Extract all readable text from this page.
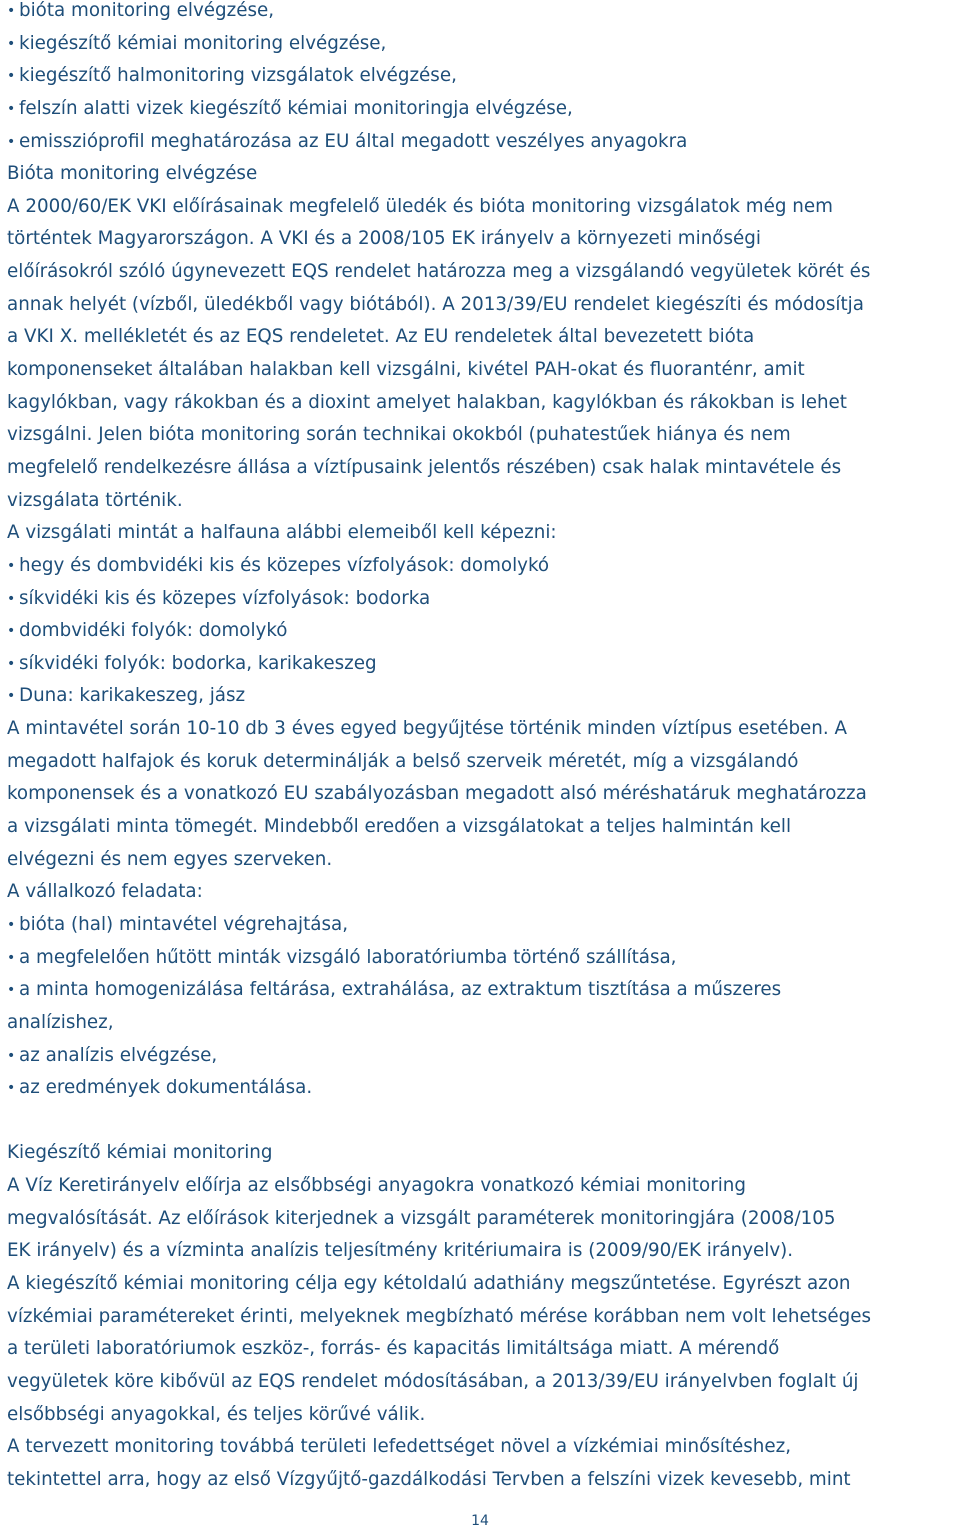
• bióta monitoring elvégzése,
• kiegészítő kémiai monitoring elvégzése,
• kiegészítő halmonitoring vizsgálatok elvégzése,
• felszín alatti vizek kiegészítő kémiai monitoringja elvégzése,
• emisszióprofil meghatározása az EU által megadott veszélyes anyagokra
Bióta monitoring elvégzése
A 2000/60/EK VKI előírásainak megfelelő üledék és bióta monitoring vizsgálatok még nem
történtek Magyarországon. A VKI és a 2008/105 EK irányelv a környezeti minőségi
előírásokról szóló úgynevezett EQS rendelet határozza meg a vizsgálandó vegyületek körét és
annak helyét (vízből, üledékből vagy biótából). A 2013/39/EU rendelet kiegészíti és módosítja
a VKI X. mellékletét és az EQS rendeletet. Az EU rendeletek által bevezetett bióta
komponenseket általában halakban kell vizsgálni, kivétel PAH-okat és fluoranténr, amit
kagylókban, vagy rákokban és a dioxint amelyet halakban, kagylókban és rákokban is lehet
vizsgálni. Jelen bióta monitoring során technikai okokból (puhatestűek hiánya és nem
megfelelő rendelkezésre állása a víztípusaink jelentős részében) csak halak mintavétele és
vizsgálata történik.
A vizsgálati mintát a halfauna alábbi elemeiből kell képezni:
• hegy és dombvidéki kis és közepes vízfolyások: domolykó
• síkvidéki kis és közepes vízfolyások: bodorka
• dombvidéki folyók: domolykó
• síkvidéki folyók: bodorka, karikakeszeg
• Duna: karikakeszeg, jász
A mintavétel során 10-10 db 3 éves egyed begyűjtése történik minden víztípus esetében. A
megadott halfajok és koruk determinálják a belső szerveik méretét, míg a vizsgálandó
komponensek és a vonatkozó EU szabályozásban megadott alsó méréshatáruk meghatározza
a vizsgálati minta tömegét. Mindebből eredően a vizsgálatokat a teljes halmintán kell
elvégezni és nem egyes szerveken.
A vállalkozó feladata:
• bióta (hal) mintavétel végrehajtása,
• a megfelelően hűtött minták vizsgáló laboratóriumba történő szállítása,
• a minta homogenizálása feltárása, extrahálása, az extraktum tisztítása a műszeres
analízishez,
• az analízis elvégzése,
• az eredmények dokumentálása.
Kiegészítő kémiai monitoring
A Víz Keretirányelv előírja az elsőbbségi anyagokra vonatkozó kémiai monitoring
megvalósítását. Az előírások kiterjednek a vizsgált paraméterek monitoringjára (2008/105
EK irányelv) és a vízminta analízis teljesítmény kritériumaira is (2009/90/EK irányelv).
A kiegészítő kémiai monitoring célja egy kétoldalú adathiány megszűntetése. Egyrészt azon
vízkémiai paramétereket érinti, melyeknek megbízható mérése korábban nem volt lehetséges
a területi laboratóriumok eszköz-, forrás- és kapacitás limitáltsága miatt. A mérendő
vegyületek köre kibővül az EQS rendelet módosításában, a 2013/39/EU irányelvben foglalt új
elsőbbségi anyagokkal, és teljes körűvé válik.
A tervezett monitoring továbbá területi lefedettséget növel a vízkémiai minősítéshez,
tekintettel arra, hogy az első Vízgyűjtő-gazdálkodási Tervben a felszíni vizek kevesebb, mint
14
